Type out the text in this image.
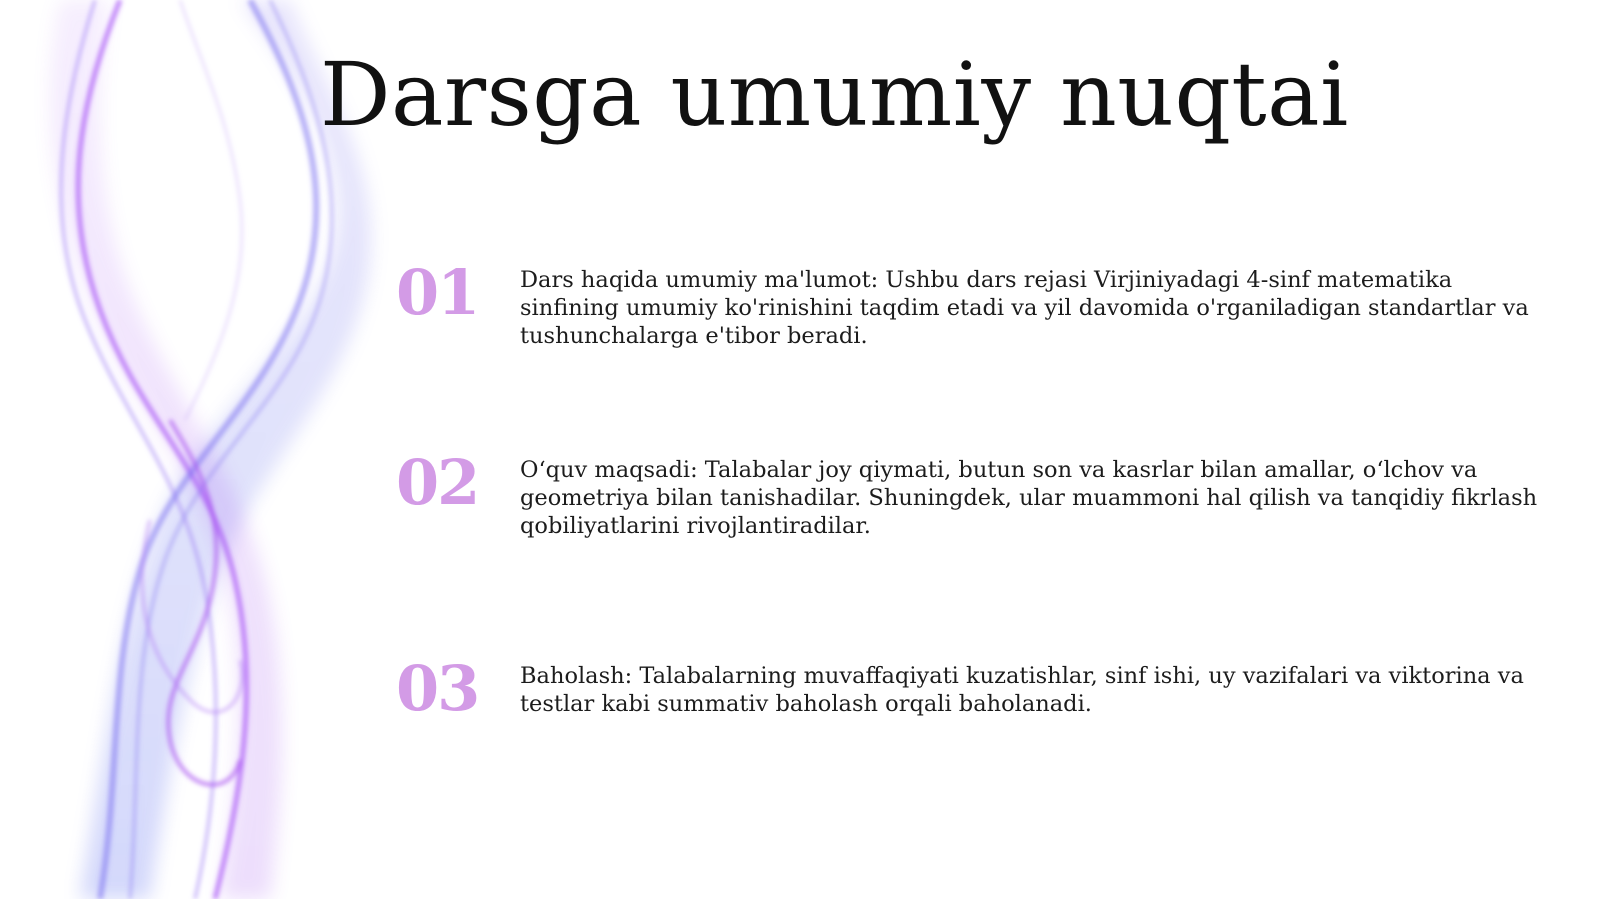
Darsga umumiy nuqtai
01 Dars haqida umumiy ma'lumot: Ushbu dars rejasi Virjiniyadagi 4-sinf matematika sinfining umumiy ko'rinishini taqdim etadi va yil davomida o'rganiladigan standartlar va tushunchalarga e'tibor beradi.

02 Oʻquv maqsadi: Talabalar joy qiymati, butun son va kasrlar bilan amallar, oʻlchov va geometriya bilan tanishadilar. Shuningdek, ular muammoni hal qilish va tanqidiy fikrlash qobiliyatlarini rivojlantiradilar.

03 Baholash: Talabalarning muvaffaqiyati kuzatishlar, sinf ishi, uy vazifalari va viktorina va testlar kabi summativ baholash orqali baholanadi.
